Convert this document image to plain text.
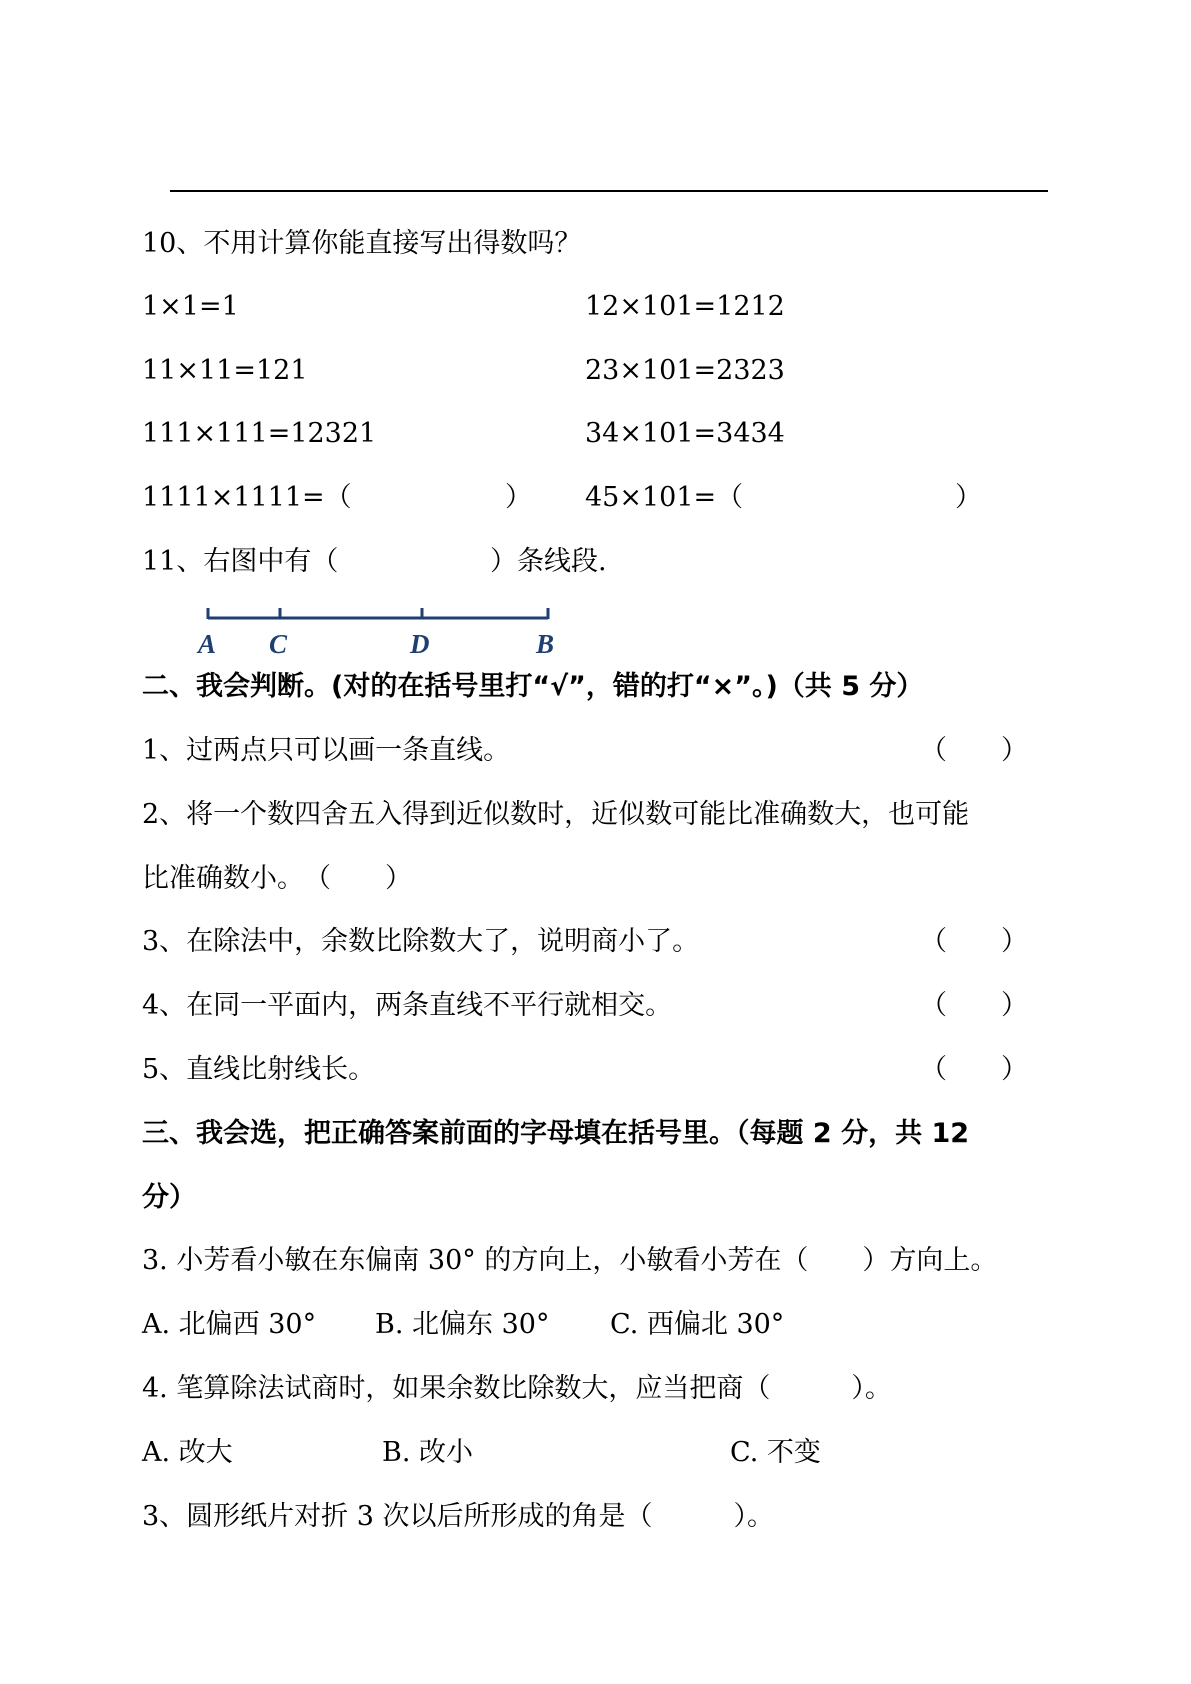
10、不用计算你能直接写出得数吗？
1×1=1	12×101=1212
11×11=121	23×101=2323
111×111=12321	34×101=3434
1111×1111=（	） 45×101=（	）
11、右图中有（	）条线段.
A C	D	B
二、我会判断。(对的在括号里打“√”，错的打“×”。)（共 5 分）
1、过两点只可以画一条直线。	（　　）
2、将一个数四舍五入得到近似数时，近似数可能比准确数大，也可能
比准确数小。　（　　）
3、在除法中，余数比除数大了，说明商小了。	（　　）
4、在同一平面内，两条直线不平行就相交。	（　　）
5、直线比射线长。	（　　）
三、我会选，把正确答案前面的字母填在括号里。（每题 2 分，共 12
分）
3. 小芳看小敏在东偏南 30° 的方向上，小敏看小芳在（　　）方向上。
A. 北偏西 30° B. 北偏东 30° C. 西偏北 30°
4. 笔算除法试商时，如果余数比除数大，应当把商（　　　）。
A. 改大	B. 改小	C. 不变
3、圆形纸片对折 3 次以后所形成的角是（　　　）。
